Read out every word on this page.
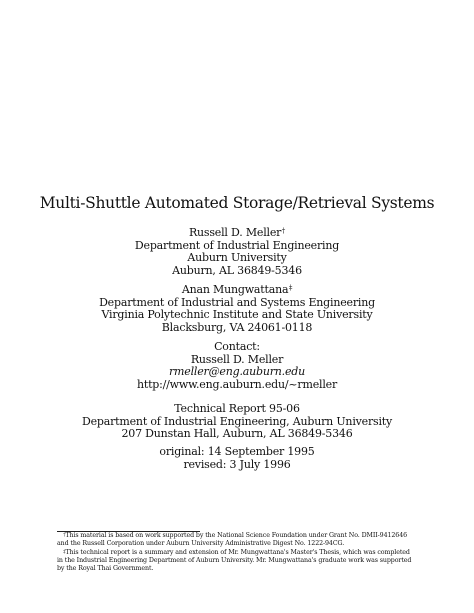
Multi-Shuttle Automated Storage/Retrieval Systems
Russell D. Meller†
Department of Industrial Engineering
Auburn University
Auburn, AL 36849-5346
Anan Mungwattana‡
Department of Industrial and Systems Engineering
Virginia Polytechnic Institute and State University
Blacksburg, VA 24061-0118
Contact:
Russell D. Meller
rmeller@eng.auburn.edu
http://www.eng.auburn.edu/~rmeller
Technical Report 95-06
Department of Industrial Engineering, Auburn University
207 Dunstan Hall, Auburn, AL 36849-5346
original: 14 September 1995
revised: 3 July 1996
†This material is based on work supported by the National Science Foundation under Grant No. DMII-9412646
and the Russell Corporation under Auburn University Administrative Digest No. 1222-94CG.
‡This technical report is a summary and extension of Mr. Mungwattana's Master's Thesis, which was completed
in the Industrial Engineering Department of Auburn University. Mr. Mungwattana's graduate work was supported
by the Royal Thai Government.
